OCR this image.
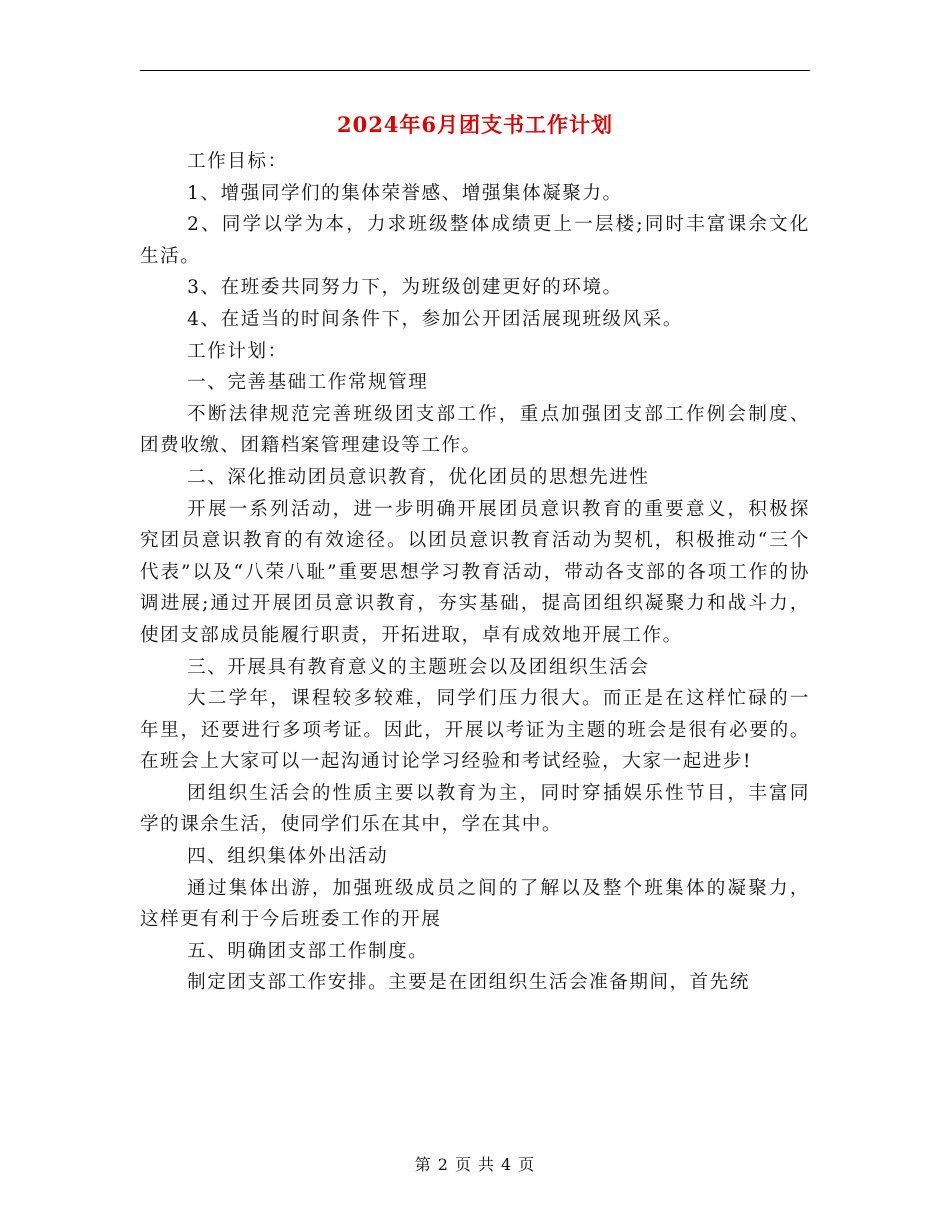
2024年6月团支书工作计划

工作目标：

1、增强同学们的集体荣誉感、增强集体凝聚力。

2、同学以学为本，力求班级整体成绩更上一层楼;同时丰富课余文化生活。

3、在班委共同努力下，为班级创建更好的环境。

4、在适当的时间条件下，参加公开团活展现班级风采。

工作计划：

一、完善基础工作常规管理

不断法律规范完善班级团支部工作，重点加强团支部工作例会制度、团费收缴、团籍档案管理建设等工作。

二、深化推动团员意识教育，优化团员的思想先进性

开展一系列活动，进一步明确开展团员意识教育的重要意义，积极探究团员意识教育的有效途径。以团员意识教育活动为契机，积极推动“三个代表”以及“八荣八耻”重要思想学习教育活动，带动各支部的各项工作的协调进展;通过开展团员意识教育，夯实基础，提高团组织凝聚力和战斗力，使团支部成员能履行职责，开拓进取，卓有成效地开展工作。

三、开展具有教育意义的主题班会以及团组织生活会

大二学年，课程较多较难，同学们压力很大。而正是在这样忙碌的一年里，还要进行多项考证。因此，开展以考证为主题的班会是很有必要的。在班会上大家可以一起沟通讨论学习经验和考试经验，大家一起进步!

团组织生活会的性质主要以教育为主，同时穿插娱乐性节目，丰富同学的课余生活，使同学们乐在其中，学在其中。

四、组织集体外出活动

通过集体出游，加强班级成员之间的了解以及整个班集体的凝聚力，这样更有利于今后班委工作的开展

五、明确团支部工作制度。

制定团支部工作安排。主要是在团组织生活会准备期间，首先统

第 2 页 共 4 页
